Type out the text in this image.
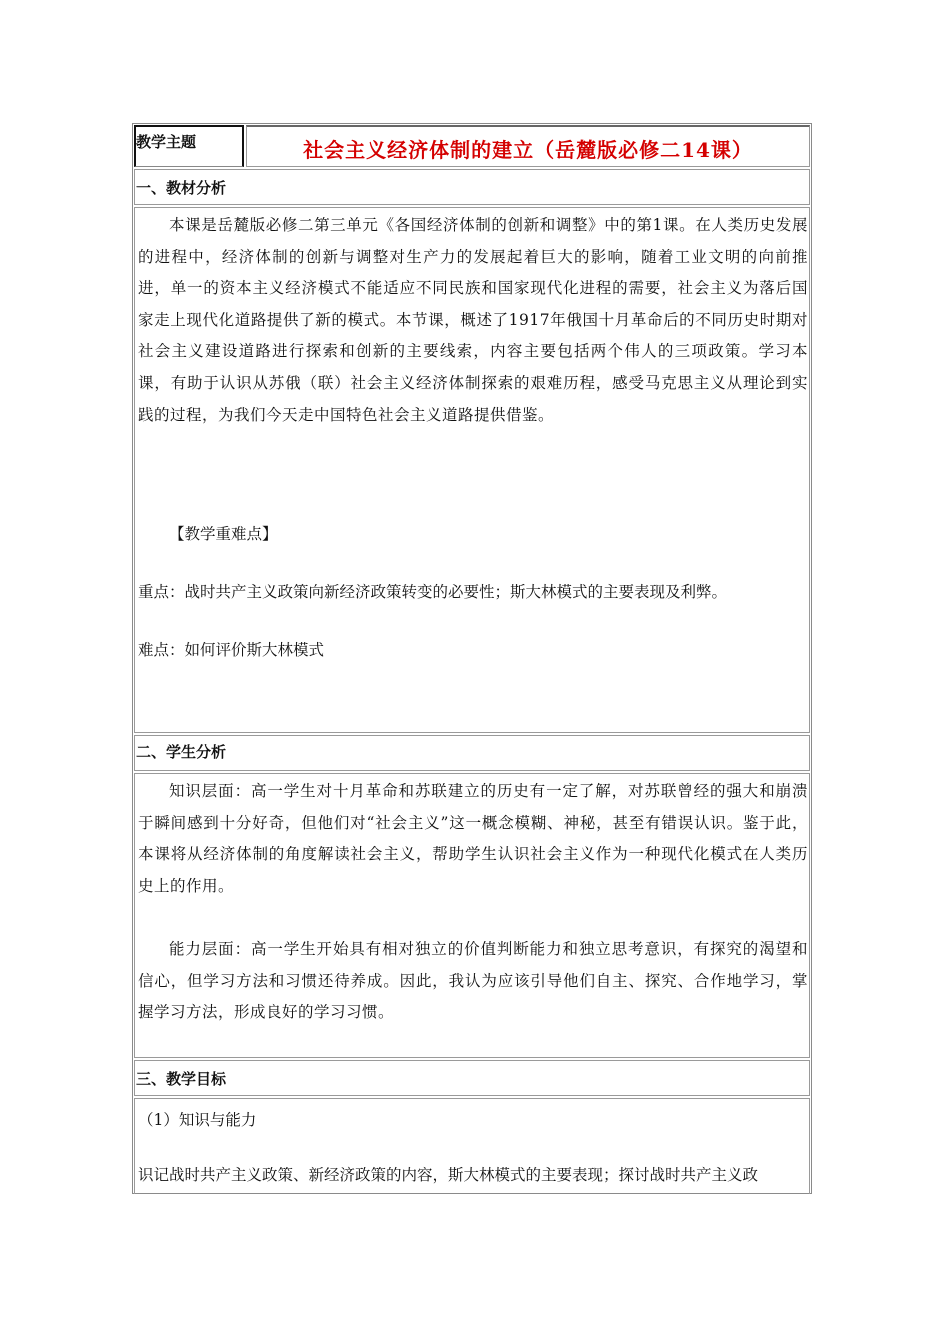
教学主题	社会主义经济体制的建立（岳麓版必修二14课）
一、教材分析

本课是岳麓版必修二第三单元《各国经济体制的创新和调整》中的第1课。在人类历史发展的进程中，经济体制的创新与调整对生产力的发展起着巨大的影响，随着工业文明的向前推进，单一的资本主义经济模式不能适应不同民族和国家现代化进程的需要，社会主义为落后国家走上现代化道路提供了新的模式。本节课，概述了1917年俄国十月革命后的不同历史时期对社会主义建设道路进行探索和创新的主要线索，内容主要包括两个伟人的三项政策。学习本课，有助于认识从苏俄（联）社会主义经济体制探索的艰难历程，感受马克思主义从理论到实践的过程，为我们今天走中国特色社会主义道路提供借鉴。

【教学重难点】

重点：战时共产主义政策向新经济政策转变的必要性；斯大林模式的主要表现及利弊。

难点：如何评价斯大林模式

二、学生分析

知识层面：高一学生对十月革命和苏联建立的历史有一定了解，对苏联曾经的强大和崩溃于瞬间感到十分好奇，但他们对“社会主义”这一概念模糊、神秘，甚至有错误认识。鉴于此，本课将从经济体制的角度解读社会主义，帮助学生认识社会主义作为一种现代化模式在人类历史上的作用。

能力层面：高一学生开始具有相对独立的价值判断能力和独立思考意识，有探究的渴望和信心，但学习方法和习惯还待养成。因此，我认为应该引导他们自主、探究、合作地学习，掌握学习方法，形成良好的学习习惯。

三、教学目标

（1）知识与能力

识记战时共产主义政策、新经济政策的内容，斯大林模式的主要表现；探讨战时共产主义政
